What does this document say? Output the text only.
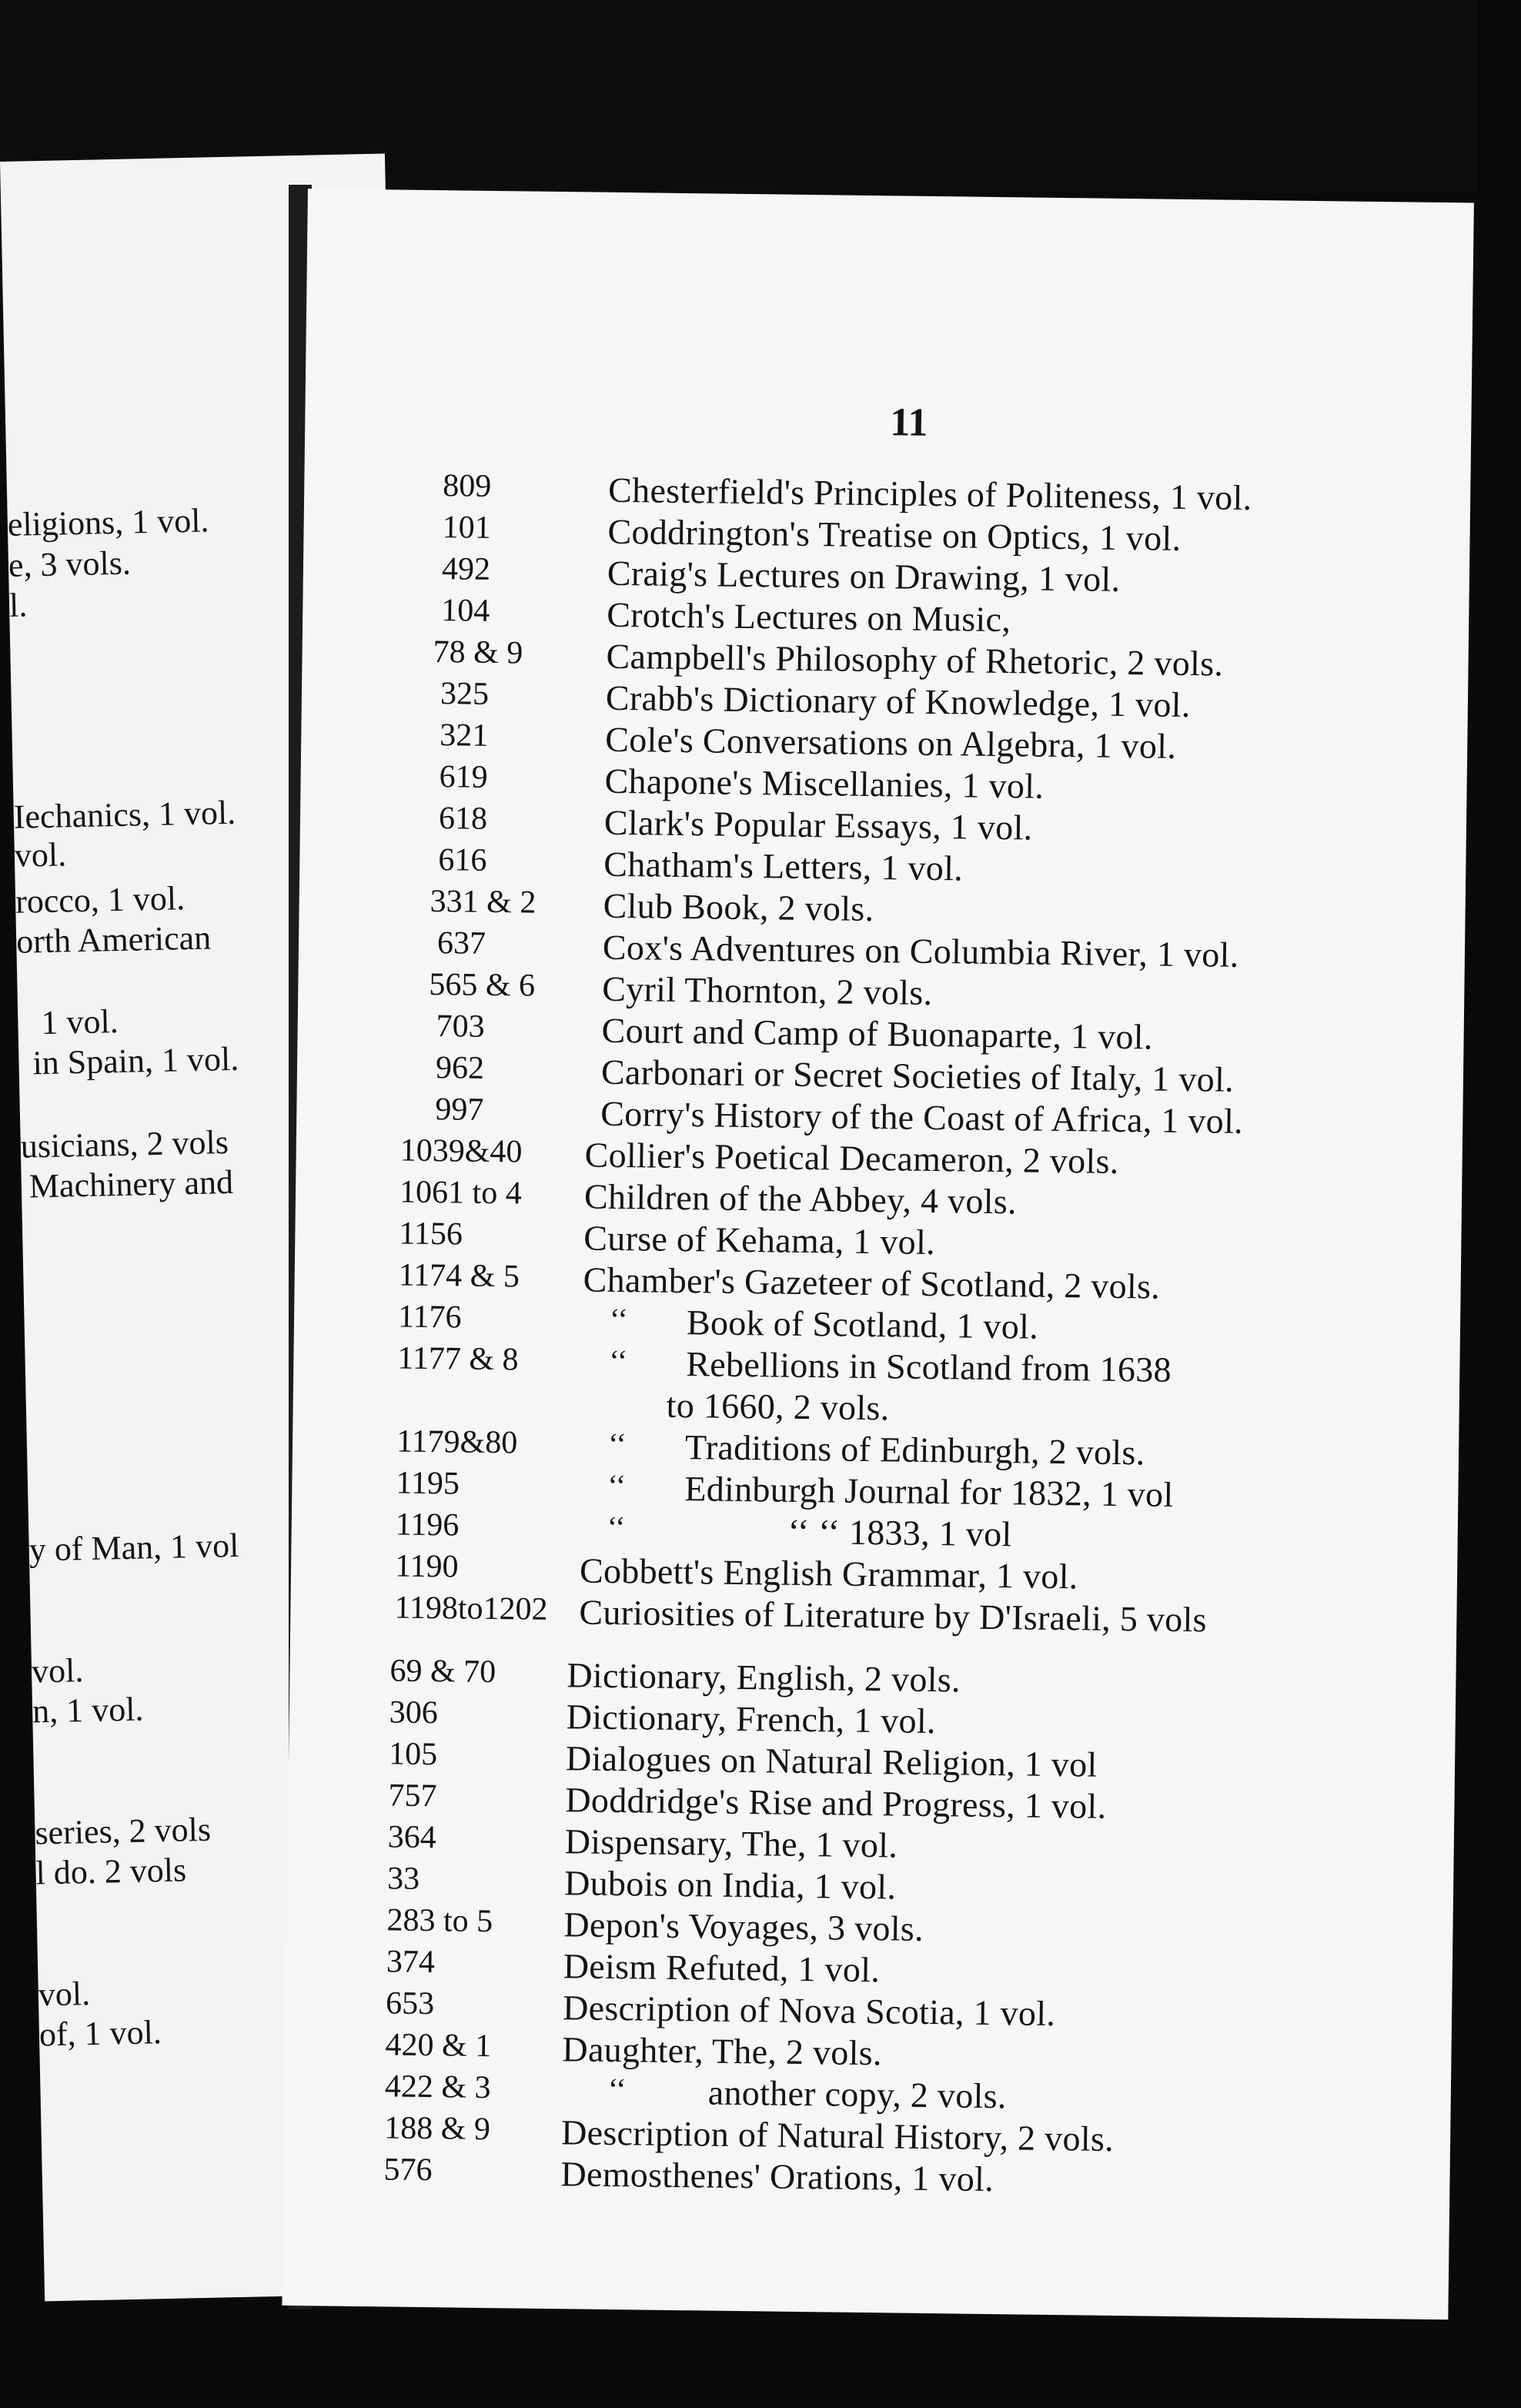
eligions, 1 vol.
e, 3 vols.
l.
Iechanics, 1 vol.
vol.
rocco, 1 vol.
orth American
1 vol.
in Spain, 1 vol.
usicians, 2 vols
Machinery and
y of Man, 1 vol
vol.
n, 1 vol.
series, 2 vols
l do. 2 vols
vol.
of, 1 vol.
11
809	Chesterfield's Principles of Politeness, 1 vol.
101	Coddrington's Treatise on Optics, 1 vol.
492	Craig's Lectures on Drawing, 1 vol.
104	Crotch's Lectures on Music,
78 & 9 Campbell's Philosophy of Rhetoric, 2 vols.
325	Crabb's Dictionary of Knowledge, 1 vol.
321	Cole's Conversations on Algebra, 1 vol.
619	Chapone's Miscellanies, 1 vol.
618	Clark's Popular Essays, 1 vol.
616	Chatham's Letters, 1 vol.
331 & 2 Club Book, 2 vols.
637	Cox's Adventures on Columbia River, 1 vol.
565 & 6 Cyril Thornton, 2 vols.
703	Court and Camp of Buonaparte, 1 vol.
962	Carbonari or Secret Societies of Italy, 1 vol.
997	Corry's History of the Coast of Africa, 1 vol.
1039&40 Collier's Poetical Decameron, 2 vols.
1061 to 4 Children of the Abbey, 4 vols.
1156	Curse of Kehama, 1 vol.
1174 & 5 Chamber's Gazeteer of Scotland, 2 vols.
1176	‘‘ Book of Scotland, 1 vol.
1177 & 8	‘‘ Rebellions in Scotland from 1638
to 1660, 2 vols.
1179&80	‘‘ Traditions of Edinburgh, 2 vols.
1195	‘‘ Edinburgh Journal for 1832, 1 vol
1196	‘‘	‘‘ ‘‘ 1833, 1 vol
1190	Cobbett's English Grammar, 1 vol.
1198to1202 Curiosities of Literature by D'Israeli, 5 vols
69 & 70 Dictionary, English, 2 vols.
306	Dictionary, French, 1 vol.
105	Dialogues on Natural Religion, 1 vol
757	Doddridge's Rise and Progress, 1 vol.
364	Dispensary, The, 1 vol.
33	Dubois on India, 1 vol.
283 to 5 Depon's Voyages, 3 vols.
374	Deism Refuted, 1 vol.
653	Description of Nova Scotia, 1 vol.
420 & 1 Daughter, The, 2 vols.
422 & 3	‘‘ another copy, 2 vols.
188 & 9 Description of Natural History, 2 vols.
576	Demosthenes' Orations, 1 vol.
